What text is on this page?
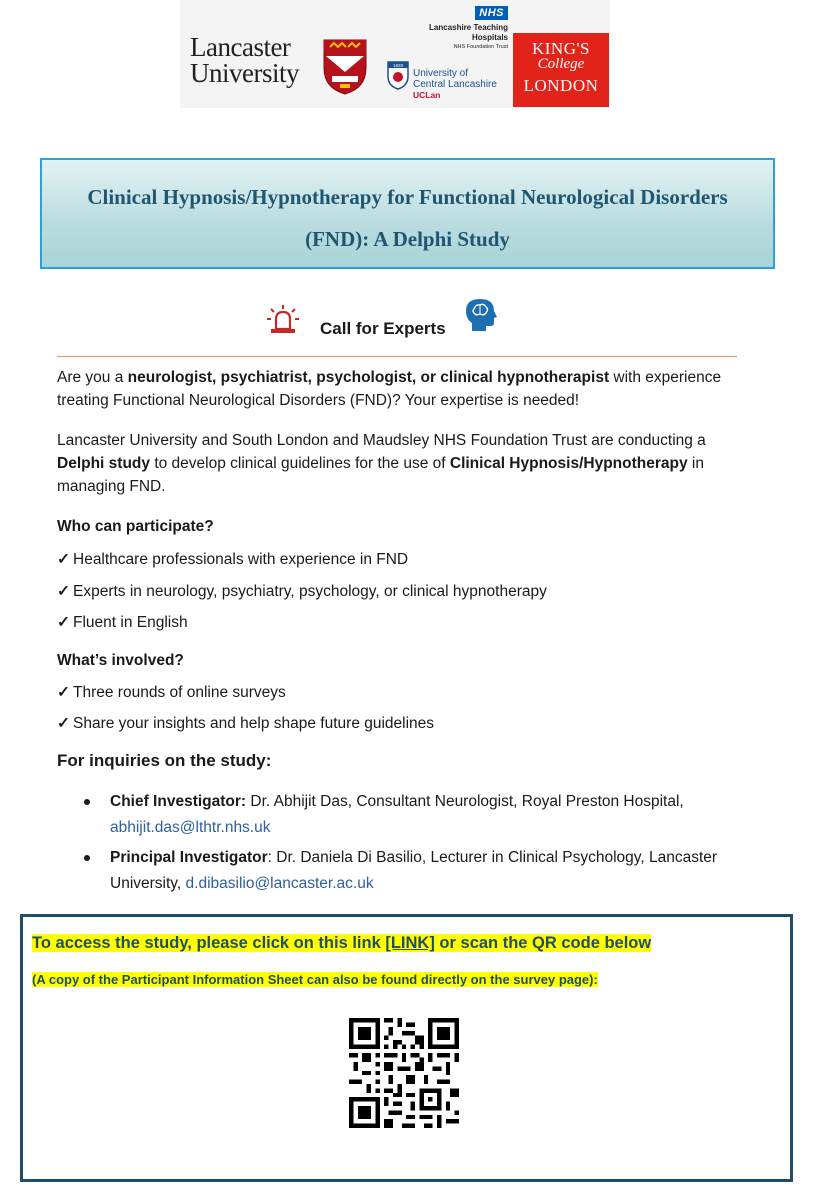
Lancaster
University
NHS
Lancashire Teaching
Hospitals
NHS Foundation Trust
1828
University of
Central Lancashire
UCLan
KING'S
College
LONDON
Clinical Hypnosis/Hypnotherapy for Functional Neurological Disorders
(FND): A Delphi Study
Call for Experts
Are you a neurologist, psychiatrist, psychologist, or clinical hypnotherapist with experience treating Functional Neurological Disorders (FND)? Your expertise is needed!
Lancaster University and South London and Maudsley NHS Foundation Trust are conducting a Delphi study to develop clinical guidelines for the use of Clinical Hypnosis/Hypnotherapy in managing FND.
Who can participate?
✓ Healthcare professionals with experience in FND
✓ Experts in neurology, psychiatry, psychology, or clinical hypnotherapy
✓ Fluent in English
What’s involved?
✓ Three rounds of online surveys
✓ Share your insights and help shape future guidelines
For inquiries on the study:
Chief Investigator: Dr. Abhijit Das, Consultant Neurologist, Royal Preston Hospital, abhijit.das@lthtr.nhs.uk
Principal Investigator: Dr. Daniela Di Basilio, Lecturer in Clinical Psychology, Lancaster University, d.dibasilio@lancaster.ac.uk
To access the study, please click on this link [LINK] or scan the QR code below
(A copy of the Participant Information Sheet can also be found directly on the survey page):
